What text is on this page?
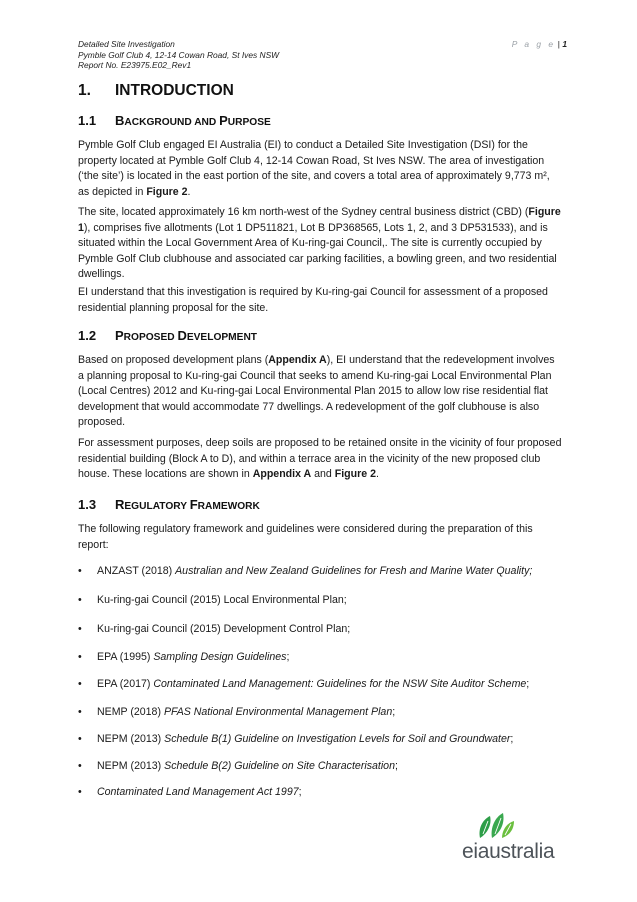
Detailed Site Investigation
Pymble Golf Club 4, 12-14 Cowan Road, St Ives NSW
Report No. E23975.E02_Rev1
P a g e | 1
1. INTRODUCTION
1.1 BACKGROUND AND PURPOSE
Pymble Golf Club engaged EI Australia (EI) to conduct a Detailed Site Investigation (DSI) for the property located at Pymble Golf Club 4, 12-14 Cowan Road, St Ives NSW. The area of investigation (‘the site’) is located in the east portion of the site, and covers a total area of approximately 9,773 m², as depicted in Figure 2.
The site, located approximately 16 km north-west of the Sydney central business district (CBD) (Figure 1), comprises five allotments (Lot 1 DP511821, Lot B DP368565, Lots 1, 2, and 3 DP531533), and is situated within the Local Government Area of Ku-ring-gai Council,. The site is currently occupied by Pymble Golf Club clubhouse and associated car parking facilities, a bowling green, and two residential dwellings.
EI understand that this investigation is required by Ku-ring-gai Council for assessment of a proposed residential planning proposal for the site.
1.2 PROPOSED DEVELOPMENT
Based on proposed development plans (Appendix A), EI understand that the redevelopment involves a planning proposal to Ku-ring-gai Council that seeks to amend Ku-ring-gai Local Environmental Plan (Local Centres) 2012 and Ku-ring-gai Local Environmental Plan 2015 to allow low rise residential flat development that would accommodate 77 dwellings. A redevelopment of the golf clubhouse is also proposed.
For assessment purposes, deep soils are proposed to be retained onsite in the vicinity of four proposed residential building (Block A to D), and within a terrace area in the vicinity of the new proposed club house. These locations are shown in Appendix A and Figure 2.
1.3 REGULATORY FRAMEWORK
The following regulatory framework and guidelines were considered during the preparation of this report:
• ANZAST (2018) Australian and New Zealand Guidelines for Fresh and Marine Water Quality;
• Ku-ring-gai Council (2015) Local Environmental Plan;
• Ku-ring-gai Council (2015) Development Control Plan;
• EPA (1995) Sampling Design Guidelines;
• EPA (2017) Contaminated Land Management: Guidelines for the NSW Site Auditor Scheme;
• NEMP (2018) PFAS National Environmental Management Plan;
• NEPM (2013) Schedule B(1) Guideline on Investigation Levels for Soil and Groundwater;
• NEPM (2013) Schedule B(2) Guideline on Site Characterisation;
• Contaminated Land Management Act 1997;
eiaustralia
